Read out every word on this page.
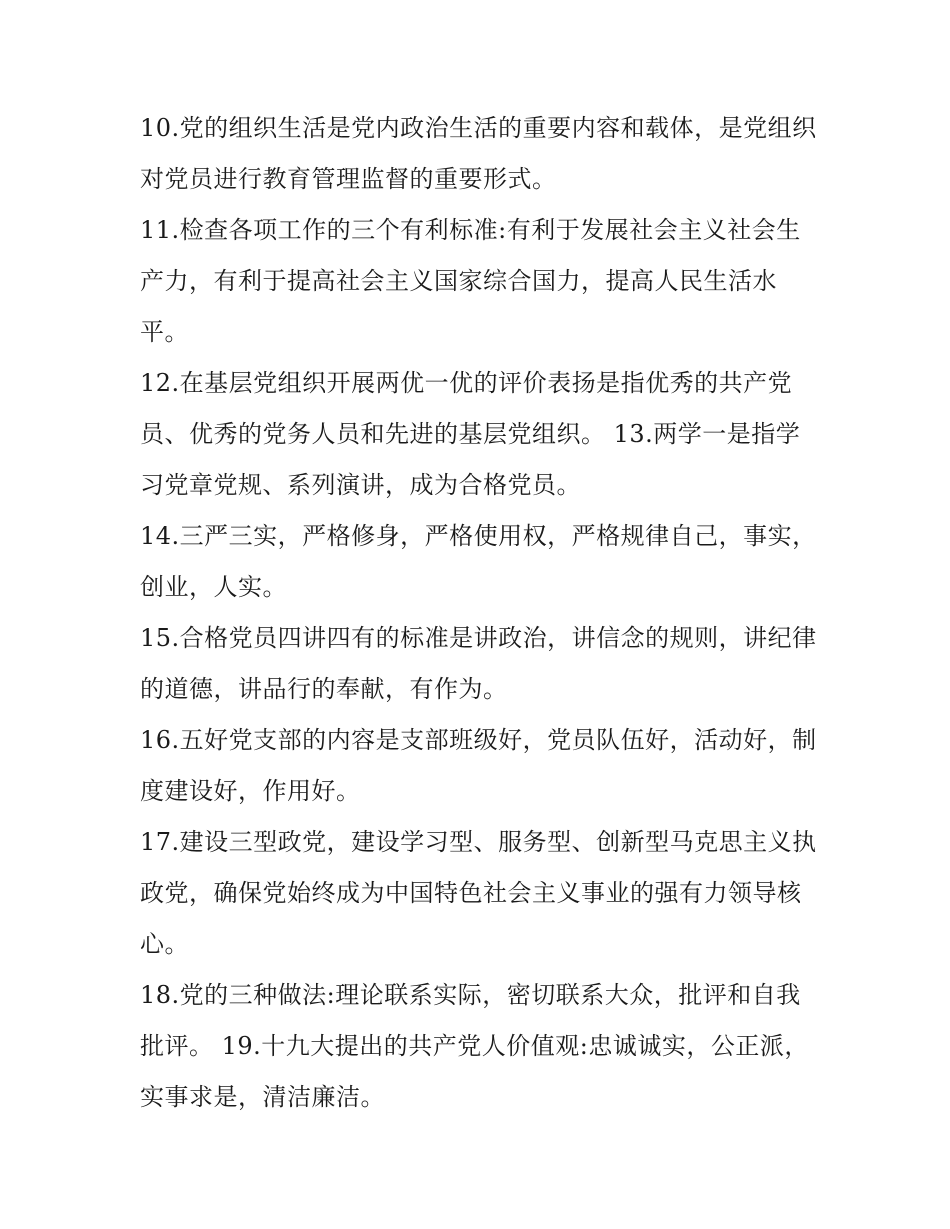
10.党的组织生活是党内政治生活的重要内容和载体，是党组织对党员进行教育管理监督的重要形式。

11.检查各项工作的三个有利标准:有利于发展社会主义社会生产力，有利于提高社会主义国家综合国力，提高人民生活水平。

12.在基层党组织开展两优一优的评价表扬是指优秀的共产党员、优秀的党务人员和先进的基层党组织。 13.两学一是指学习党章党规、系列演讲，成为合格党员。

14.三严三实，严格修身，严格使用权，严格规律自己，事实，创业，人实。

15.合格党员四讲四有的标准是讲政治，讲信念的规则，讲纪律的道德，讲品行的奉献，有作为。

16.五好党支部的内容是支部班级好，党员队伍好，活动好，制度建设好，作用好。

17.建设三型政党，建设学习型、服务型、创新型马克思主义执政党，确保党始终成为中国特色社会主义事业的强有力领导核心。

18.党的三种做法:理论联系实际，密切联系大众，批评和自我批评。 19.十九大提出的共产党人价值观:忠诚诚实，公正派，实事求是，清洁廉洁。
